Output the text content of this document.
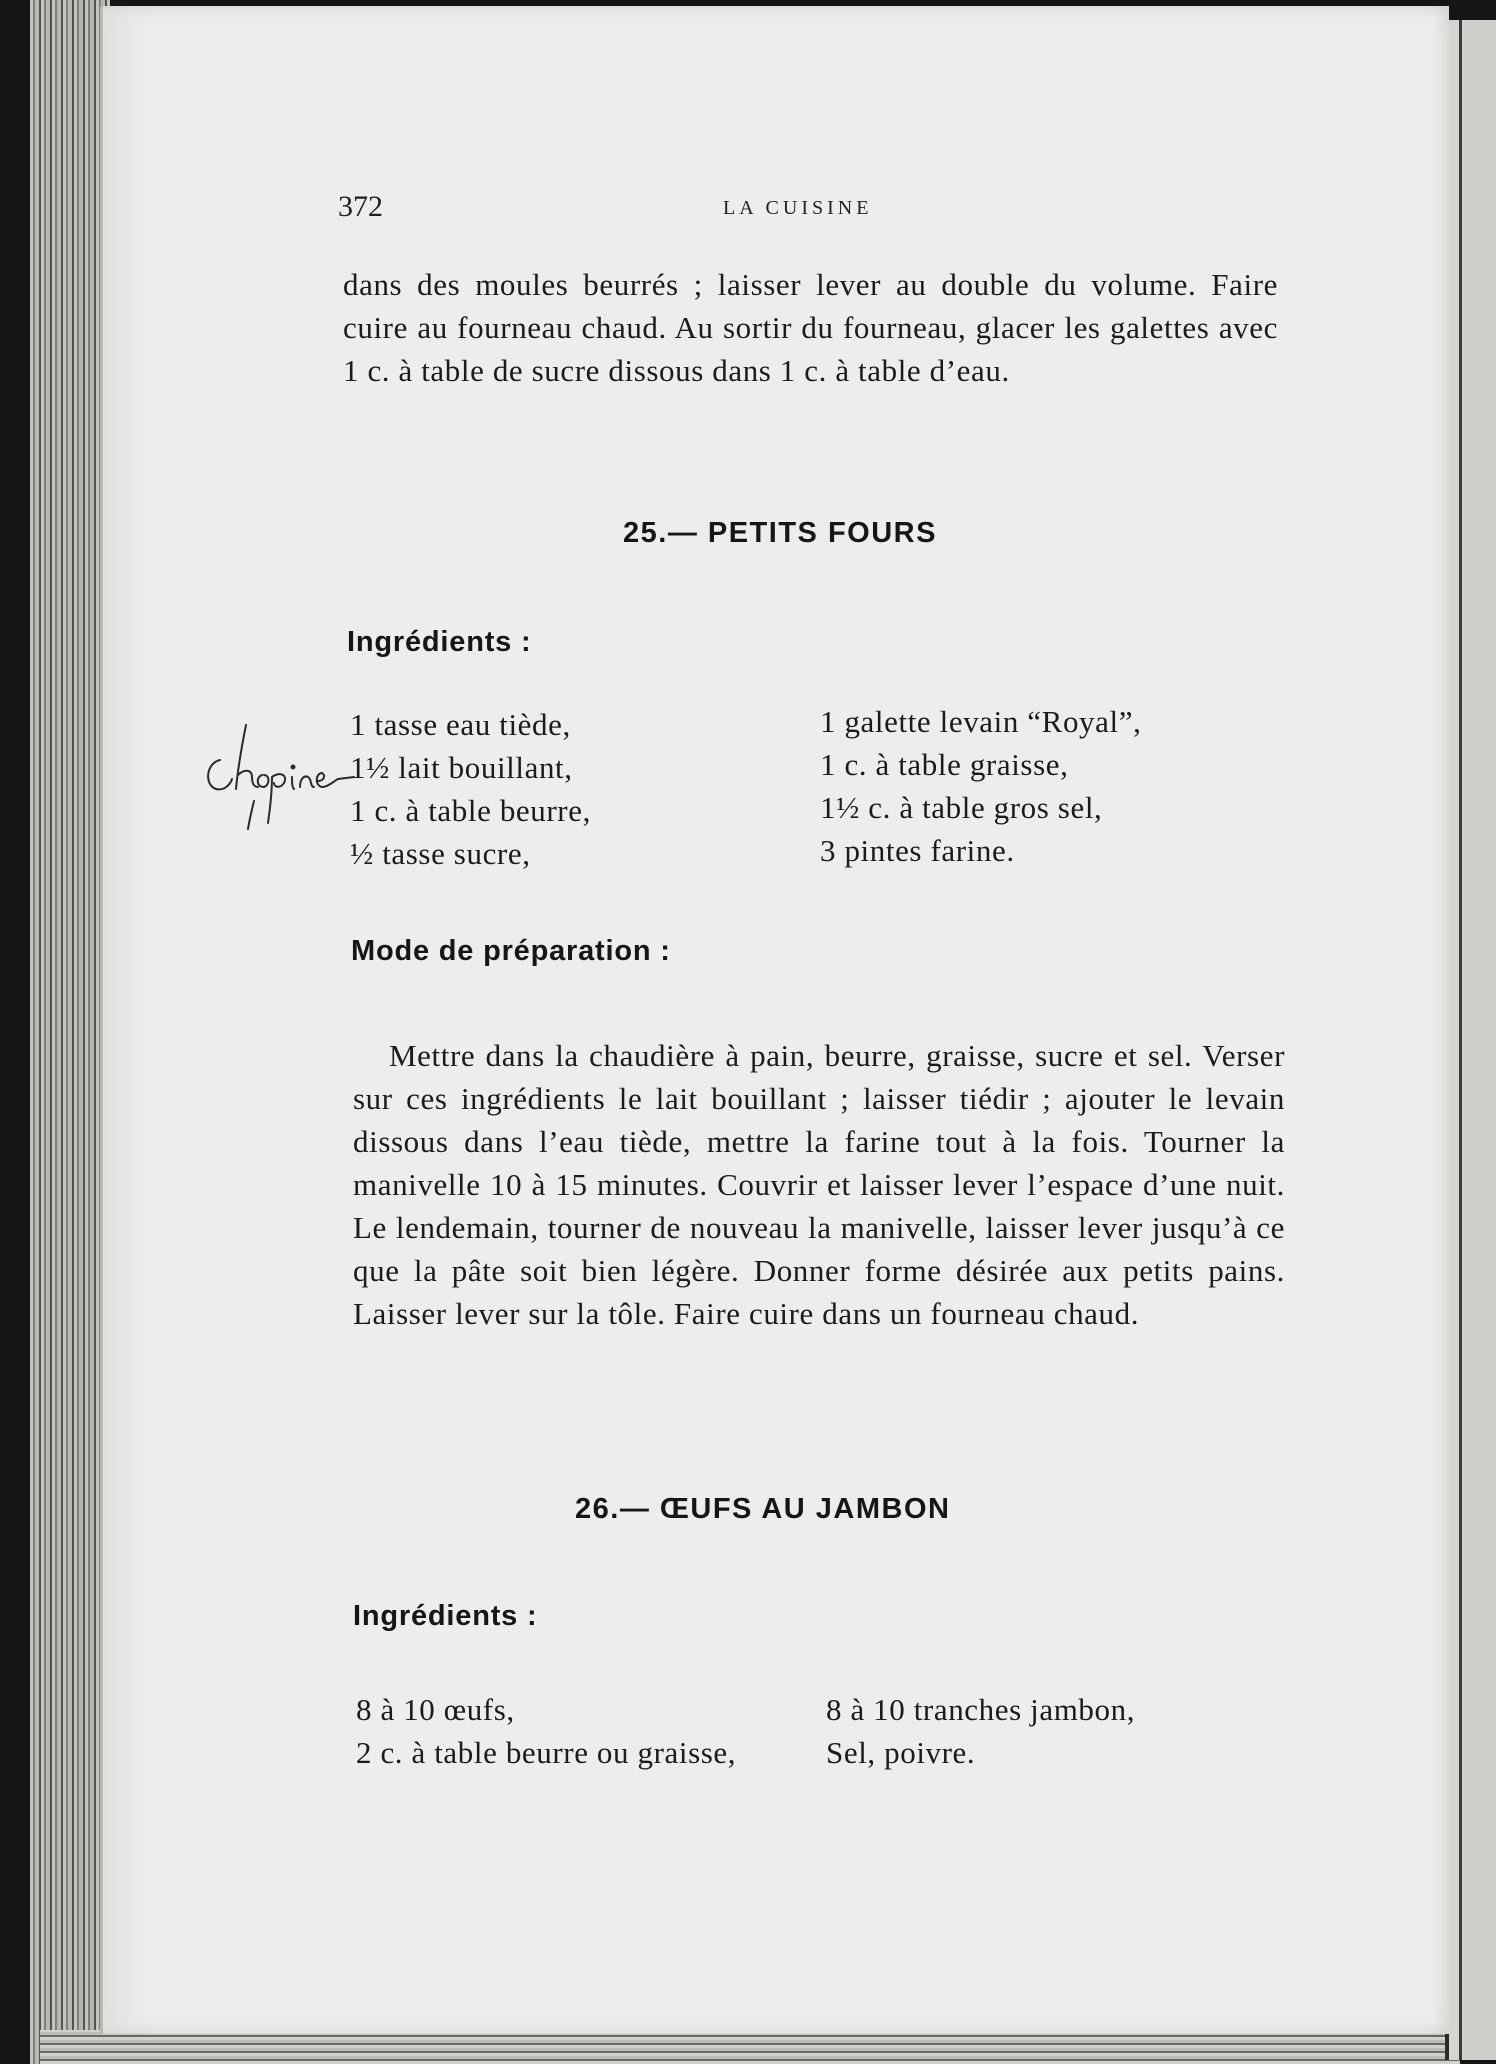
372	LA CUISINE
dans des moules beurrés ; laisser lever au double du volume. Faire cuire au fourneau chaud. Au sortir du fourneau, glacer les galettes avec 1 c. à table de sucre dissous dans 1 c. à table d’eau.
25.— PETITS FOURS
Ingrédients :
1 tasse eau tiède,
1½ lait bouillant,
1 c. à table beurre,
½ tasse sucre,
1 galette levain “Royal”,
1 c. à table graisse,
1½ c. à table gros sel,
3 pintes farine.
Mode de préparation :
Mettre dans la chaudière à pain, beurre, graisse, sucre et sel. Verser sur ces ingrédients le lait bouillant ; laisser tiédir ; ajouter le levain dissous dans l’eau tiède, mettre la farine tout à la fois. Tourner la manivelle 10 à 15 minutes. Couvrir et laisser lever l’espace d’une nuit. Le lendemain, tourner de nouveau la manivelle, laisser lever jusqu’à ce que la pâte soit bien légère. Donner forme désirée aux petits pains. Laisser lever sur la tôle. Faire cuire dans un fourneau chaud.
26.— ŒUFS AU JAMBON
Ingrédients :
8 à 10 œufs,
2 c. à table beurre ou graisse,
8 à 10 tranches jambon,
Sel, poivre.
